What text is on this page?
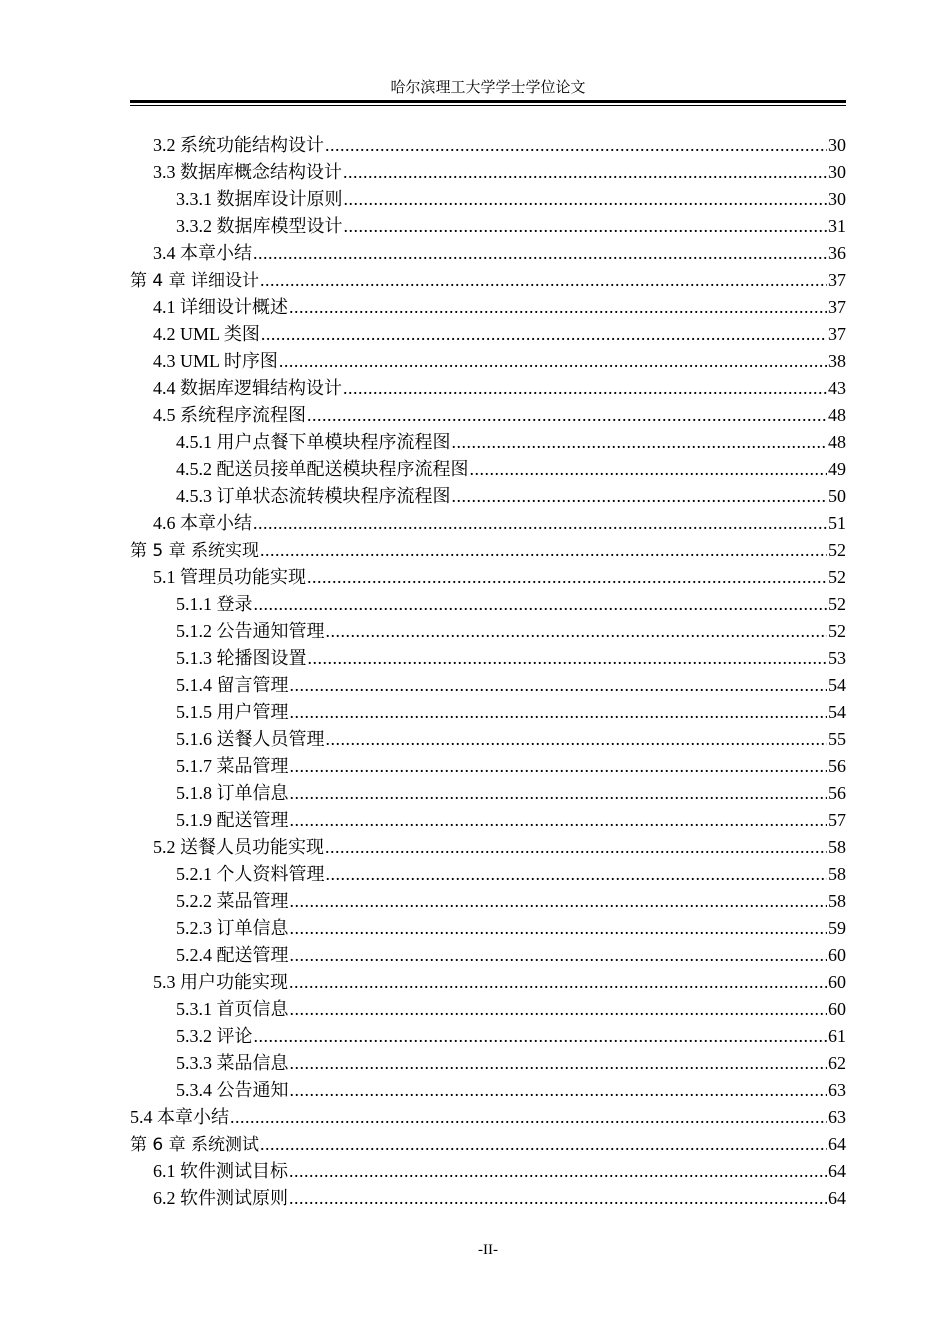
哈尔滨理工大学学士学位论文
3.2 系统功能结构设计 .....	30
3.3 数据库概念结构设计 .....	30
3.3.1 数据库设计原则 .....	30
3.3.2 数据库模型设计 .....	31
3.4 本章小结 .....	36
第 4 章 详细设计 .....	37
4.1 详细设计概述 .....	37
4.2 UML 类图 .....	37
4.3 UML 时序图 .....	38
4.4 数据库逻辑结构设计 .....	43
4.5 系统程序流程图 .....	48
4.5.1 用户点餐下单模块程序流程图 .....	48
4.5.2 配送员接单配送模块程序流程图 .....	49
4.5.3 订单状态流转模块程序流程图 .....	50
4.6 本章小结 .....	51
第 5 章 系统实现 .....	52
5.1 管理员功能实现 .....	52
5.1.1 登录 .....	52
5.1.2 公告通知管理 .....	52
5.1.3 轮播图设置 .....	53
5.1.4 留言管理 .....	54
5.1.5 用户管理 .....	54
5.1.6 送餐人员管理 .....	55
5.1.7 菜品管理 .....	56
5.1.8 订单信息 .....	56
5.1.9 配送管理 .....	57
5.2 送餐人员功能实现 .....	58
5.2.1 个人资料管理 .....	58
5.2.2 菜品管理 .....	58
5.2.3 订单信息 .....	59
5.2.4 配送管理 .....	60
5.3 用户功能实现 .....	60
5.3.1 首页信息 .....	60
5.3.2 评论 .....	61
5.3.3 菜品信息 .....	62
5.3.4 公告通知 .....	63
5.4 本章小结 .....	63
第 6 章 系统测试 .....	64
6.1 软件测试目标 .....	64
6.2 软件测试原则 .....	64
-II-
